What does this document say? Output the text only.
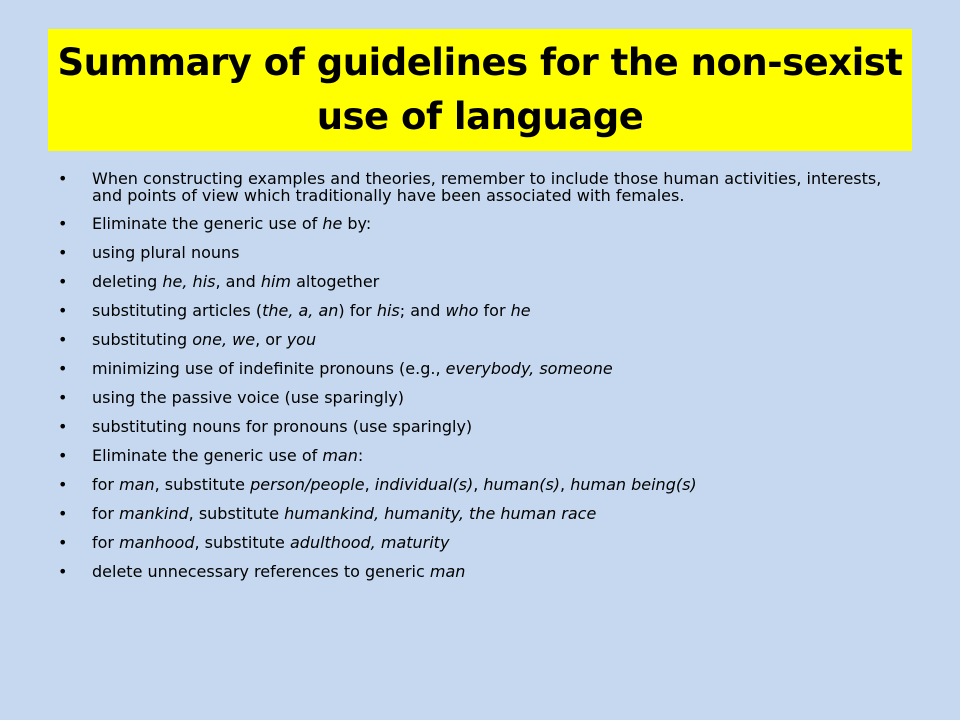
Summary of guidelines for the non-sexist use of language
• When constructing examples and theories, remember to include those human activities, interests, and points of view which traditionally have been associated with females.
• Eliminate the generic use of he by:
• using plural nouns
• deleting he, his, and him altogether
• substituting articles (the, a, an) for his; and who for he
• substituting one, we, or you
• minimizing use of indefinite pronouns (e.g., everybody, someone
• using the passive voice (use sparingly)
• substituting nouns for pronouns (use sparingly)
• Eliminate the generic use of man:
• for man, substitute person/people, individual(s), human(s), human being(s)
• for mankind, substitute humankind, humanity, the human race
• for manhood, substitute adulthood, maturity
• delete unnecessary references to generic man
